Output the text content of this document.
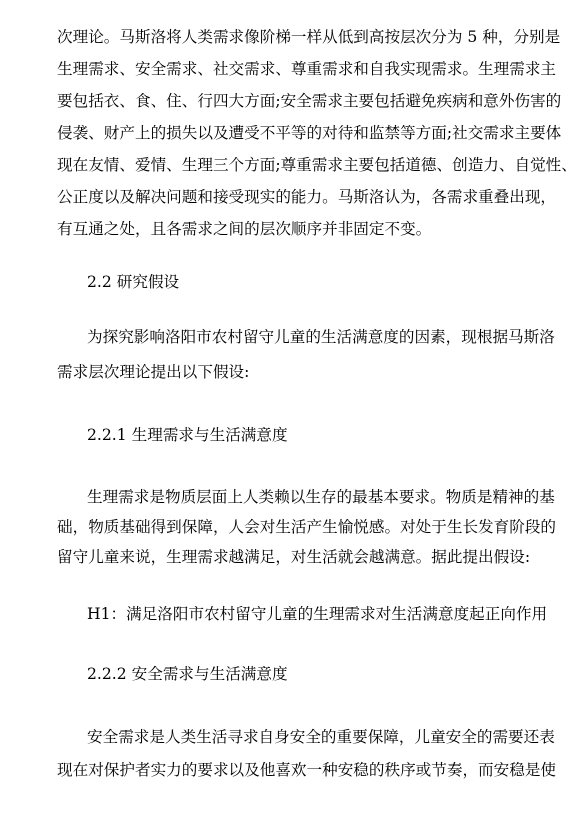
次理论。马斯洛将人类需求像阶梯一样从低到高按层次分为 5 种，分别是
生理需求、安全需求、社交需求、尊重需求和自我实现需求。生理需求主
要包括衣、食、住、行四大方面;安全需求主要包括避免疾病和意外伤害的
侵袭、财产上的损失以及遭受不平等的对待和监禁等方面;社交需求主要体
现在友情、爱情、生理三个方面;尊重需求主要包括道德、创造力、自觉性、
公正度以及解决问题和接受现实的能力。马斯洛认为，各需求重叠出现，
有互通之处，且各需求之间的层次顺序并非固定不变。
2.2 研究假设
为探究影响洛阳市农村留守儿童的生活满意度的因素，现根据马斯洛
需求层次理论提出以下假设:
2.2.1 生理需求与生活满意度
生理需求是物质层面上人类赖以生存的最基本要求。物质是精神的基
础，物质基础得到保障，人会对生活产生愉悦感。对处于生长发育阶段的
留守儿童来说，生理需求越满足，对生活就会越满意。据此提出假设:
H1：满足洛阳市农村留守儿童的生理需求对生活满意度起正向作用
2.2.2 安全需求与生活满意度
安全需求是人类生活寻求自身安全的重要保障，儿童安全的需要还表
现在对保护者实力的要求以及他喜欢一种安稳的秩序或节奏，而安稳是使
